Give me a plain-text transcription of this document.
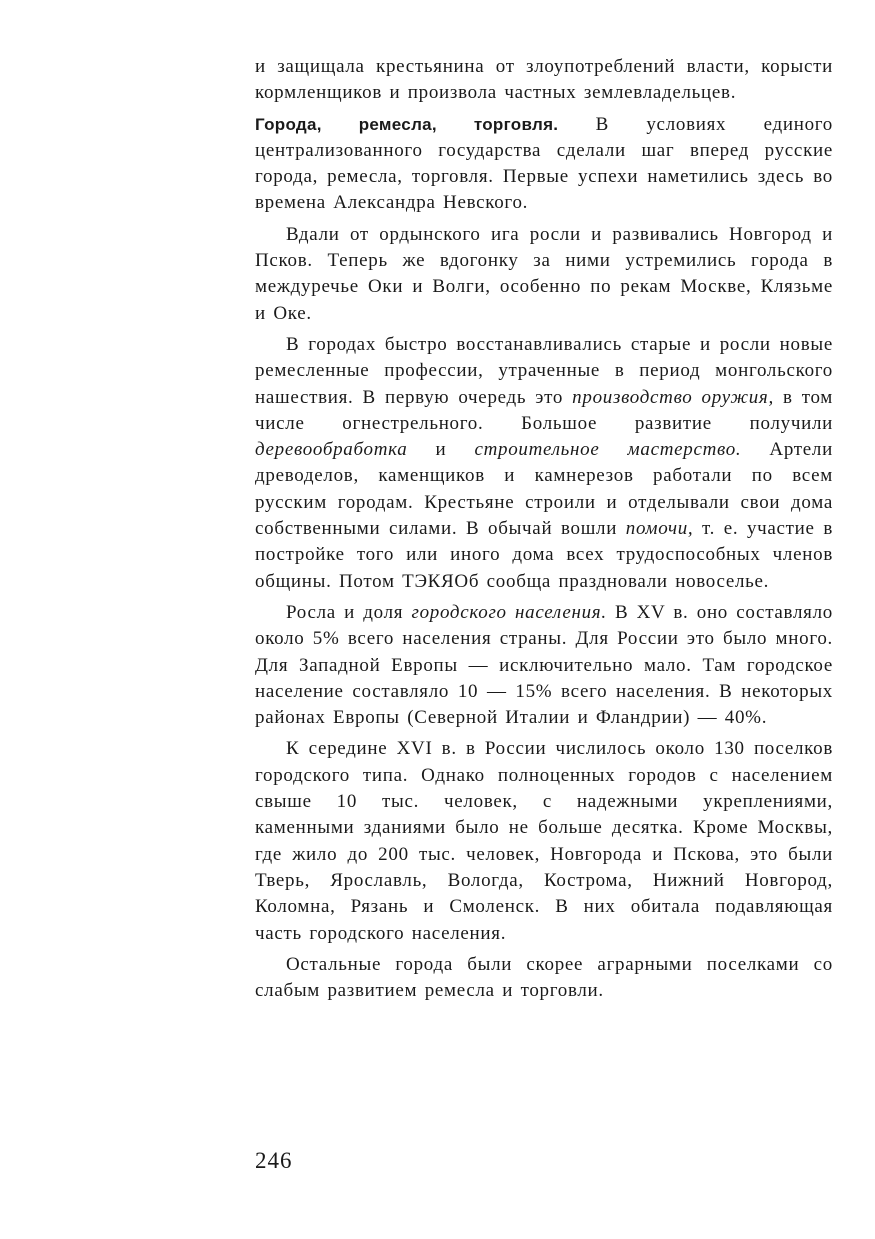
и защищала крестьянина от злоупотреблений власти, корысти кормленщиков и произвола частных землевладельцев.

Города, ремесла, торговля. В условиях единого централизованного государства сделали шаг вперед русские города, ремесла, торговля. Первые успехи наметились здесь во времена Александра Невского.

Вдали от ордынского ига росли и развивались Новгород и Псков. Теперь же вдогонку за ними устремились города в междуречье Оки и Волги, особенно по рекам Москве, Клязьме и Оке.

В городах быстро восстанавливались старые и росли новые ремесленные профессии, утраченные в период монгольского нашествия. В первую очередь это производство оружия, в том числе огнестрельного. Большое развитие получили деревообработка и строительное мастерство. Артели древоделов, каменщиков и камнерезов работали по всем русским городам. Крестьяне строили и отделывали свои дома собственными силами. В обычай вошли помочи, т. е. участие в постройке того или иного дома всех трудоспособных членов общины. Потом ТЭКЯОб сообща праздновали новоселье.

Росла и доля городского населения. В XV в. оно составляло около 5% всего населения страны. Для России это было много. Для Западной Европы — исключительно мало. Там городское население составляло 10 — 15% всего населения. В некоторых районах Европы (Северной Италии и Фландрии) — 40%.

К середине XVI в. в России числилось около 130 поселков городского типа. Однако полноценных городов с населением свыше 10 тыс. человек, с надежными укреплениями, каменными зданиями было не больше десятка. Кроме Москвы, где жило до 200 тыс. человек, Новгорода и Пскова, это были Тверь, Ярославль, Вологда, Кострома, Нижний Новгород, Коломна, Рязань и Смоленск. В них обитала подавляющая часть городского населения.

Остальные города были скорее аграрными поселками со слабым развитием ремесла и торговли.

246
